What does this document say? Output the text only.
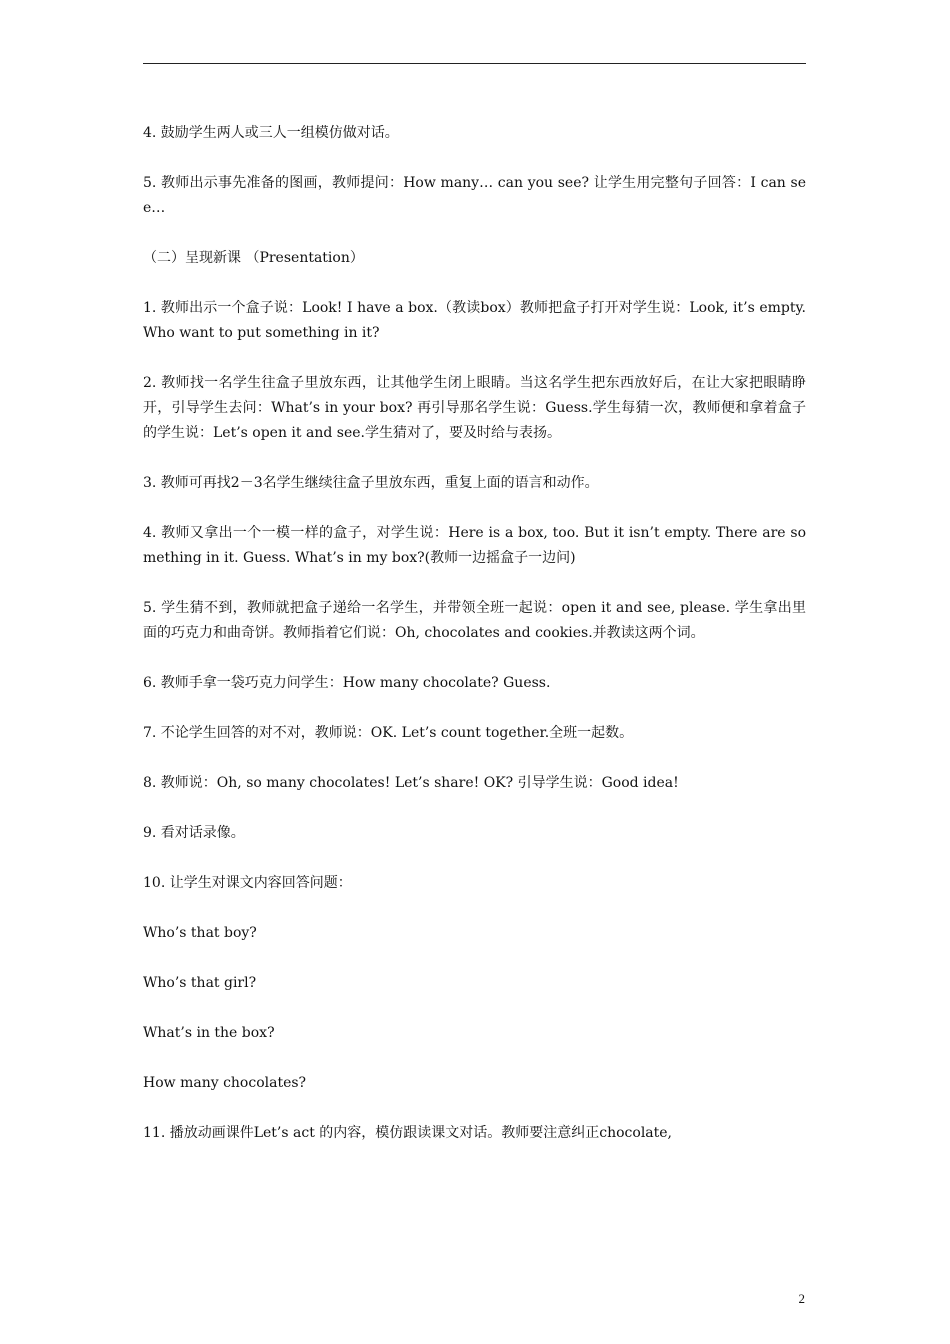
4. 鼓励学生两人或三人一组模仿做对话。

5. 教师出示事先准备的图画，教师提问：How many… can you see? 让学生用完整句子回答：I can see…

（二）呈现新课 （Presentation）

1. 教师出示一个盒子说：Look! I have a box.（教读box）教师把盒子打开对学生说：Look, it’s empty.Who want to put something in it?

2. 教师找一名学生往盒子里放东西，让其他学生闭上眼睛。当这名学生把东西放好后，在让大家把眼睛睁开，引导学生去问：What’s in your box? 再引导那名学生说：Guess.学生每猜一次，教师便和拿着盒子的学生说：Let’s open it and see.学生猜对了，要及时给与表扬。

3. 教师可再找2－3名学生继续往盒子里放东西，重复上面的语言和动作。

4. 教师又拿出一个一模一样的盒子，对学生说：Here is a box, too. But it isn’t empty. There are something in it. Guess. What’s in my box?(教师一边摇盒子一边问)

5. 学生猜不到，教师就把盒子递给一名学生，并带领全班一起说：open it and see, please. 学生拿出里面的巧克力和曲奇饼。教师指着它们说：Oh, chocolates and cookies.并教读这两个词。

6. 教师手拿一袋巧克力问学生：How many chocolate? Guess.

7. 不论学生回答的对不对，教师说：OK. Let’s count together.全班一起数。

8. 教师说：Oh, so many chocolates! Let’s share! OK? 引导学生说：Good idea!

9. 看对话录像。

10. 让学生对课文内容回答问题：

Who’s that boy?

Who’s that girl?

What’s in the box?

How many chocolates?

11. 播放动画课件Let’s act 的内容，模仿跟读课文对话。教师要注意纠正chocolate,

2
